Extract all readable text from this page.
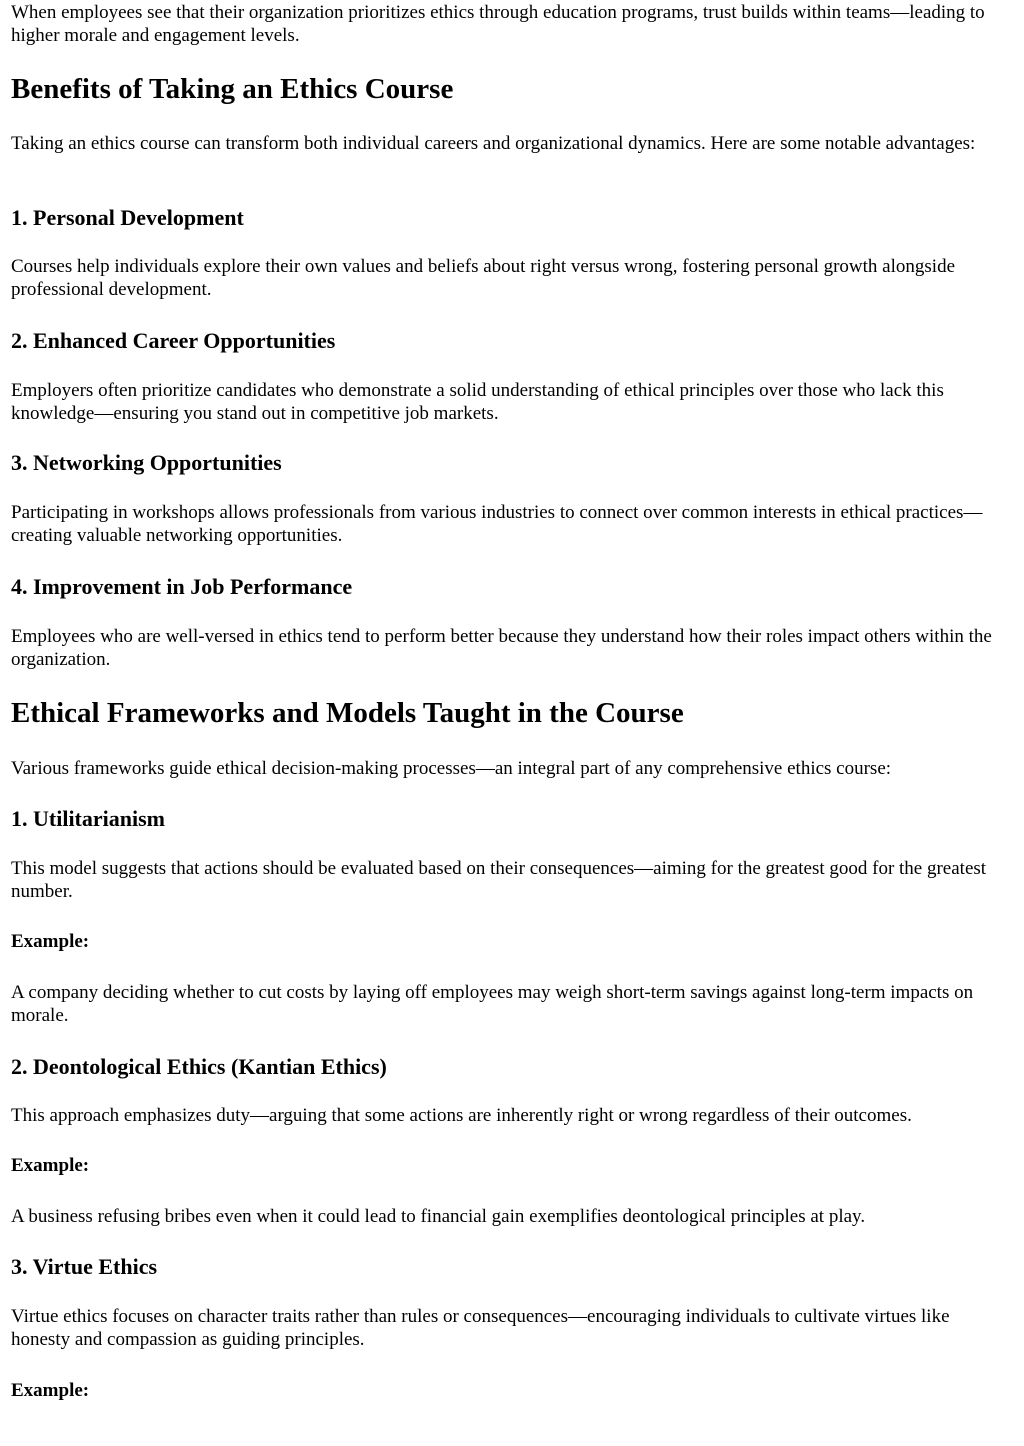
When employees see that their organization prioritizes ethics through education programs, trust builds within teams—leading to higher morale and engagement levels.

Benefits of Taking an Ethics Course

Taking an ethics course can transform both individual careers and organizational dynamics. Here are some notable advantages:

1. Personal Development

Courses help individuals explore their own values and beliefs about right versus wrong, fostering personal growth alongside professional development.

2. Enhanced Career Opportunities

Employers often prioritize candidates who demonstrate a solid understanding of ethical principles over those who lack this knowledge—ensuring you stand out in competitive job markets.

3. Networking Opportunities

Participating in workshops allows professionals from various industries to connect over common interests in ethical practices—creating valuable networking opportunities.

4. Improvement in Job Performance

Employees who are well-versed in ethics tend to perform better because they understand how their roles impact others within the organization.

Ethical Frameworks and Models Taught in the Course

Various frameworks guide ethical decision-making processes—an integral part of any comprehensive ethics course:

1. Utilitarianism

This model suggests that actions should be evaluated based on their consequences—aiming for the greatest good for the greatest number.

Example:

A company deciding whether to cut costs by laying off employees may weigh short-term savings against long-term impacts on morale.

2. Deontological Ethics (Kantian Ethics)

This approach emphasizes duty—arguing that some actions are inherently right or wrong regardless of their outcomes.

Example:

A business refusing bribes even when it could lead to financial gain exemplifies deontological principles at play.

3. Virtue Ethics

Virtue ethics focuses on character traits rather than rules or consequences—encouraging individuals to cultivate virtues like honesty and compassion as guiding principles.

Example:
